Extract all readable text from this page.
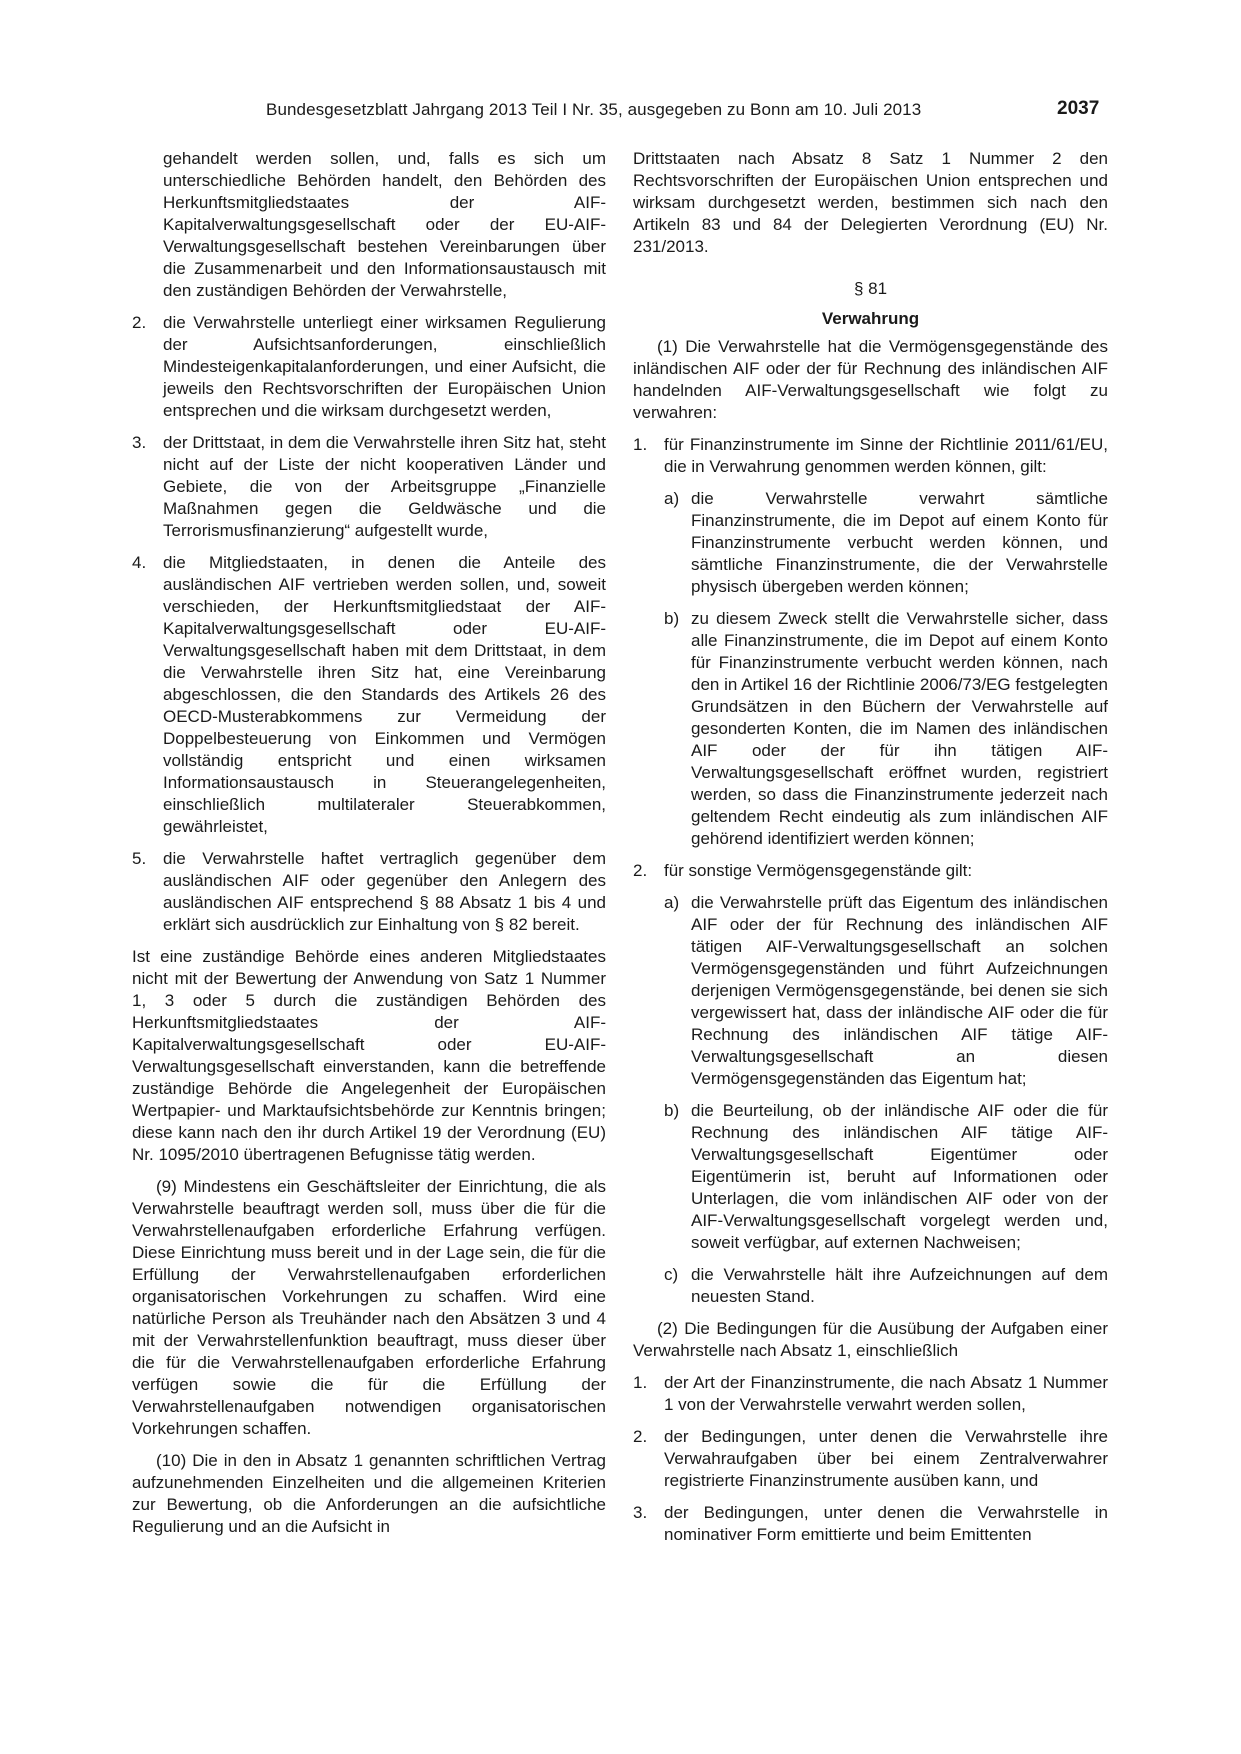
Bundesgesetzblatt Jahrgang 2013 Teil I Nr. 35, ausgegeben zu Bonn am 10. Juli 2013	2037

gehandelt werden sollen, und, falls es sich um unterschiedliche Behörden handelt, den Behörden des Herkunftsmitgliedstaates der AIF-Kapitalverwaltungsgesellschaft oder der EU-AIF-Verwaltungsgesellschaft bestehen Vereinbarungen über die Zusammenarbeit und den Informationsaustausch mit den zuständigen Behörden der Verwahrstelle,

2. die Verwahrstelle unterliegt einer wirksamen Regulierung der Aufsichtsanforderungen, einschließlich Mindesteigenkapitalanforderungen, und einer Aufsicht, die jeweils den Rechtsvorschriften der Europäischen Union entsprechen und die wirksam durchgesetzt werden,
3. der Drittstaat, in dem die Verwahrstelle ihren Sitz hat, steht nicht auf der Liste der nicht kooperativen Länder und Gebiete, die von der Arbeitsgruppe „Finanzielle Maßnahmen gegen die Geldwäsche und die Terrorismusfinanzierung“ aufgestellt wurde,
4. die Mitgliedstaaten, in denen die Anteile des ausländischen AIF vertrieben werden sollen, und, soweit verschieden, der Herkunftsmitgliedstaat der AIF-Kapitalverwaltungsgesellschaft oder EU-AIF-Verwaltungsgesellschaft haben mit dem Drittstaat, in dem die Verwahrstelle ihren Sitz hat, eine Vereinbarung abgeschlossen, die den Standards des Artikels 26 des OECD-Musterabkommens zur Vermeidung der Doppelbesteuerung von Einkommen und Vermögen vollständig entspricht und einen wirksamen Informationsaustausch in Steuerangelegenheiten, einschließlich multilateraler Steuerabkommen, gewährleistet,
5. die Verwahrstelle haftet vertraglich gegenüber dem ausländischen AIF oder gegenüber den Anlegern des ausländischen AIF entsprechend § 88 Absatz 1 bis 4 und erklärt sich ausdrücklich zur Einhaltung von § 82 bereit.

Ist eine zuständige Behörde eines anderen Mitgliedstaates nicht mit der Bewertung der Anwendung von Satz 1 Nummer 1, 3 oder 5 durch die zuständigen Behörden des Herkunftsmitgliedstaates der AIF-Kapitalverwaltungsgesellschaft oder EU-AIF-Verwaltungsgesellschaft einverstanden, kann die betreffende zuständige Behörde die Angelegenheit der Europäischen Wertpapier- und Marktaufsichtsbehörde zur Kenntnis bringen; diese kann nach den ihr durch Artikel 19 der Verordnung (EU) Nr. 1095/2010 übertragenen Befugnisse tätig werden.

(9) Mindestens ein Geschäftsleiter der Einrichtung, die als Verwahrstelle beauftragt werden soll, muss über die für die Verwahrstellenaufgaben erforderliche Erfahrung verfügen. Diese Einrichtung muss bereit und in der Lage sein, die für die Erfüllung der Verwahrstellenaufgaben erforderlichen organisatorischen Vorkehrungen zu schaffen. Wird eine natürliche Person als Treuhänder nach den Absätzen 3 und 4 mit der Verwahrstellenfunktion beauftragt, muss dieser über die für die Verwahrstellenaufgaben erforderliche Erfahrung verfügen sowie die für die Erfüllung der Verwahrstellenaufgaben notwendigen organisatorischen Vorkehrungen schaffen.

(10) Die in den in Absatz 1 genannten schriftlichen Vertrag aufzunehmenden Einzelheiten und die allgemeinen Kriterien zur Bewertung, ob die Anforderungen an die aufsichtliche Regulierung und an die Aufsicht in

Drittstaaten nach Absatz 8 Satz 1 Nummer 2 den Rechtsvorschriften der Europäischen Union entsprechen und wirksam durchgesetzt werden, bestimmen sich nach den Artikeln 83 und 84 der Delegierten Verordnung (EU) Nr. 231/2013.

§ 81
Verwahrung

(1) Die Verwahrstelle hat die Vermögensgegenstände des inländischen AIF oder der für Rechnung des inländischen AIF handelnden AIF-Verwaltungsgesellschaft wie folgt zu verwahren:

1. für Finanzinstrumente im Sinne der Richtlinie 2011/61/EU, die in Verwahrung genommen werden können, gilt:
a) die Verwahrstelle verwahrt sämtliche Finanzinstrumente, die im Depot auf einem Konto für Finanzinstrumente verbucht werden können, und sämtliche Finanzinstrumente, die der Verwahrstelle physisch übergeben werden können;
b) zu diesem Zweck stellt die Verwahrstelle sicher, dass alle Finanzinstrumente, die im Depot auf einem Konto für Finanzinstrumente verbucht werden können, nach den in Artikel 16 der Richtlinie 2006/73/EG festgelegten Grundsätzen in den Büchern der Verwahrstelle auf gesonderten Konten, die im Namen des inländischen AIF oder der für ihn tätigen AIF-Verwaltungsgesellschaft eröffnet wurden, registriert werden, so dass die Finanzinstrumente jederzeit nach geltendem Recht eindeutig als zum inländischen AIF gehörend identifiziert werden können;
2. für sonstige Vermögensgegenstände gilt:
a) die Verwahrstelle prüft das Eigentum des inländischen AIF oder der für Rechnung des inländischen AIF tätigen AIF-Verwaltungsgesellschaft an solchen Vermögensgegenständen und führt Aufzeichnungen derjenigen Vermögensgegenstände, bei denen sie sich vergewissert hat, dass der inländische AIF oder die für Rechnung des inländischen AIF tätige AIF-Verwaltungsgesellschaft an diesen Vermögensgegenständen das Eigentum hat;
b) die Beurteilung, ob der inländische AIF oder die für Rechnung des inländischen AIF tätige AIF-Verwaltungsgesellschaft Eigentümer oder Eigentümerin ist, beruht auf Informationen oder Unterlagen, die vom inländischen AIF oder von der AIF-Verwaltungsgesellschaft vorgelegt werden und, soweit verfügbar, auf externen Nachweisen;
c) die Verwahrstelle hält ihre Aufzeichnungen auf dem neuesten Stand.

(2) Die Bedingungen für die Ausübung der Aufgaben einer Verwahrstelle nach Absatz 1, einschließlich

1. der Art der Finanzinstrumente, die nach Absatz 1 Nummer 1 von der Verwahrstelle verwahrt werden sollen,
2. der Bedingungen, unter denen die Verwahrstelle ihre Verwahraufgaben über bei einem Zentralverwahrer registrierte Finanzinstrumente ausüben kann, und
3. der Bedingungen, unter denen die Verwahrstelle in nominativer Form emittierte und beim Emittenten
